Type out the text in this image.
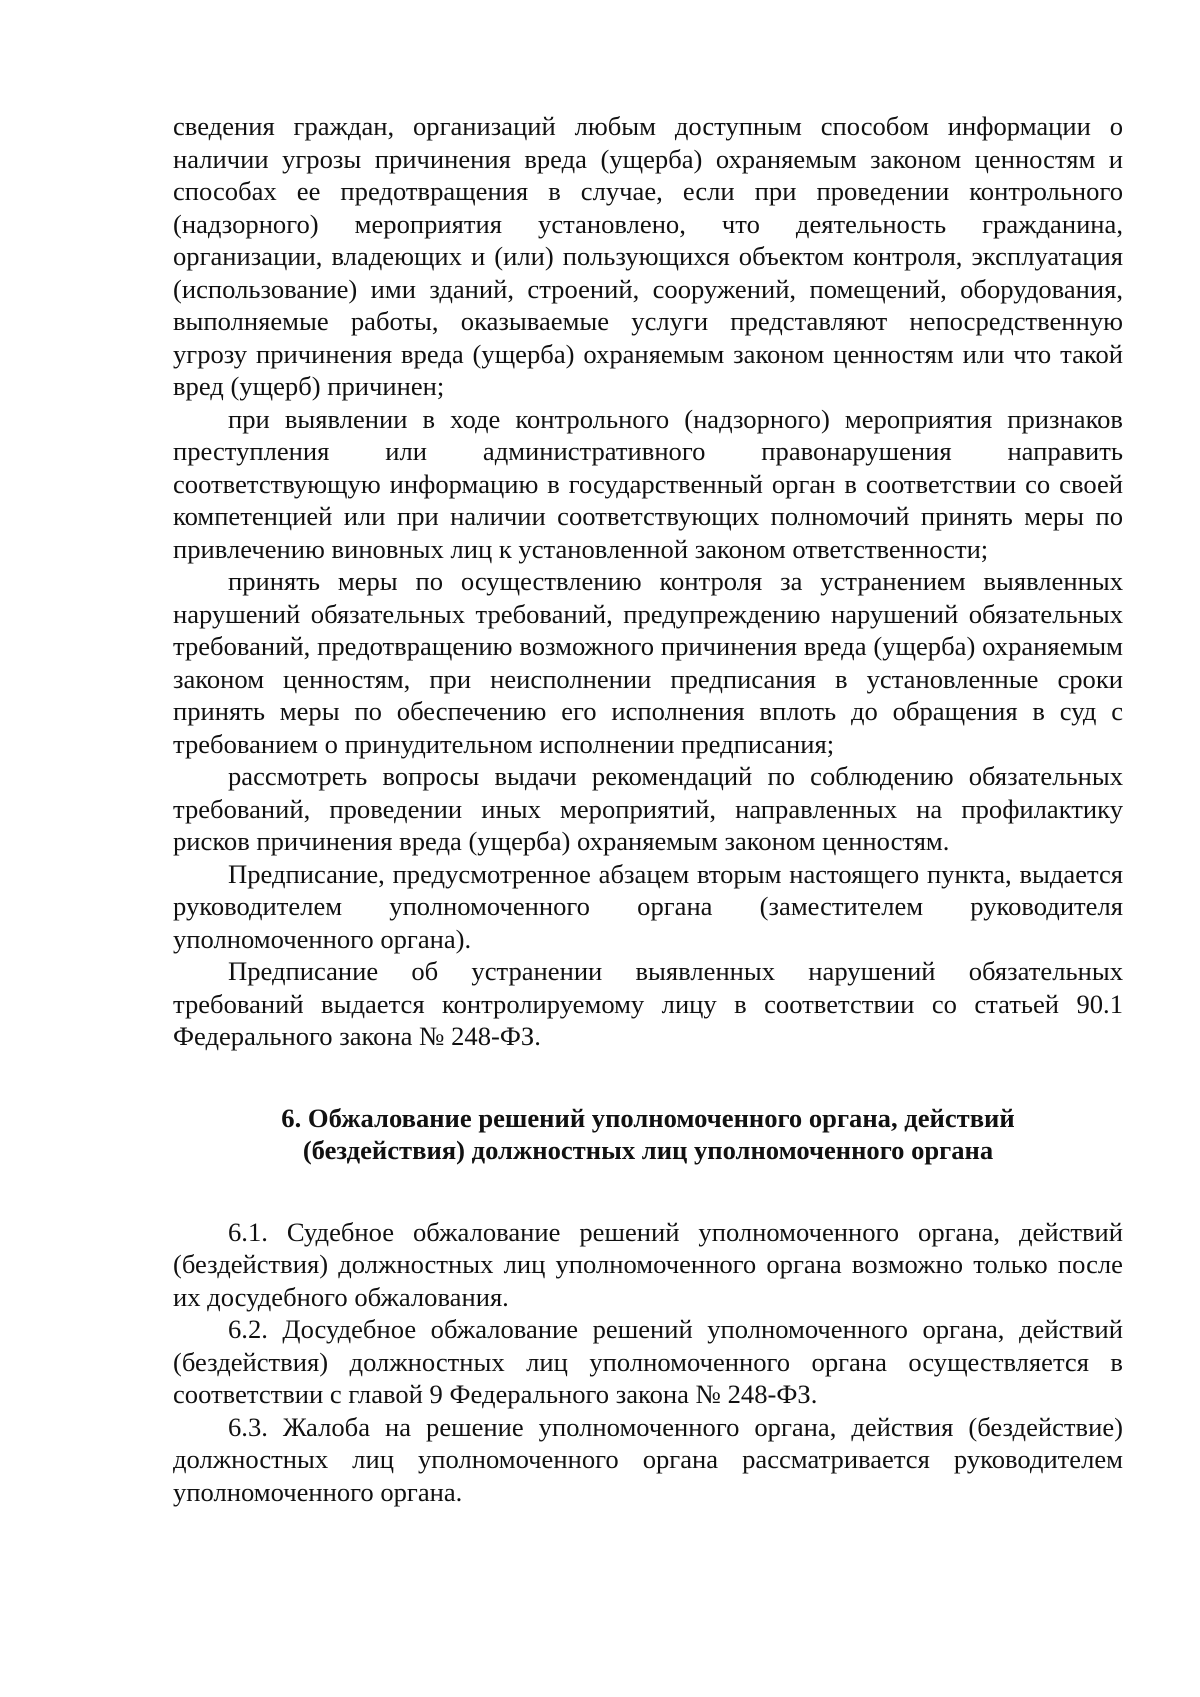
сведения граждан, организаций любым доступным способом информации о наличии угрозы причинения вреда (ущерба) охраняемым законом ценностям и способах ее предотвращения в случае, если при проведении контрольного (надзорного) мероприятия установлено, что деятельность гражданина, организации, владеющих и (или) пользующихся объектом контроля, эксплуатация (использование) ими зданий, строений, сооружений, помещений, оборудования, выполняемые работы, оказываемые услуги представляют непосредственную угрозу причинения вреда (ущерба) охраняемым законом ценностям или что такой вред (ущерб) причинен;

при выявлении в ходе контрольного (надзорного) мероприятия признаков преступления или административного правонарушения направить соответствующую информацию в государственный орган в соответствии со своей компетенцией или при наличии соответствующих полномочий принять меры по привлечению виновных лиц к установленной законом ответственности;

принять меры по осуществлению контроля за устранением выявленных нарушений обязательных требований, предупреждению нарушений обязательных требований, предотвращению возможного причинения вреда (ущерба) охраняемым законом ценностям, при неисполнении предписания в установленные сроки принять меры по обеспечению его исполнения вплоть до обращения в суд с требованием о принудительном исполнении предписания;

рассмотреть вопросы выдачи рекомендаций по соблюдению обязательных требований, проведении иных мероприятий, направленных на профилактику рисков причинения вреда (ущерба) охраняемым законом ценностям.

Предписание, предусмотренное абзацем вторым настоящего пункта, выдается руководителем уполномоченного органа (заместителем руководителя уполномоченного органа).

Предписание об устранении выявленных нарушений обязательных требований выдается контролируемому лицу в соответствии со статьей 90.1 Федерального закона № 248-ФЗ.

6. Обжалование решений уполномоченного органа, действий
(бездействия) должностных лиц уполномоченного органа

6.1. Судебное обжалование решений уполномоченного органа, действий (бездействия) должностных лиц уполномоченного органа возможно только после их досудебного обжалования.

6.2. Досудебное обжалование решений уполномоченного органа, действий (бездействия) должностных лиц уполномоченного органа осуществляется в соответствии с главой 9 Федерального закона № 248-ФЗ.

6.3. Жалоба на решение уполномоченного органа, действия (бездействие) должностных лиц уполномоченного органа рассматривается руководителем уполномоченного органа.
